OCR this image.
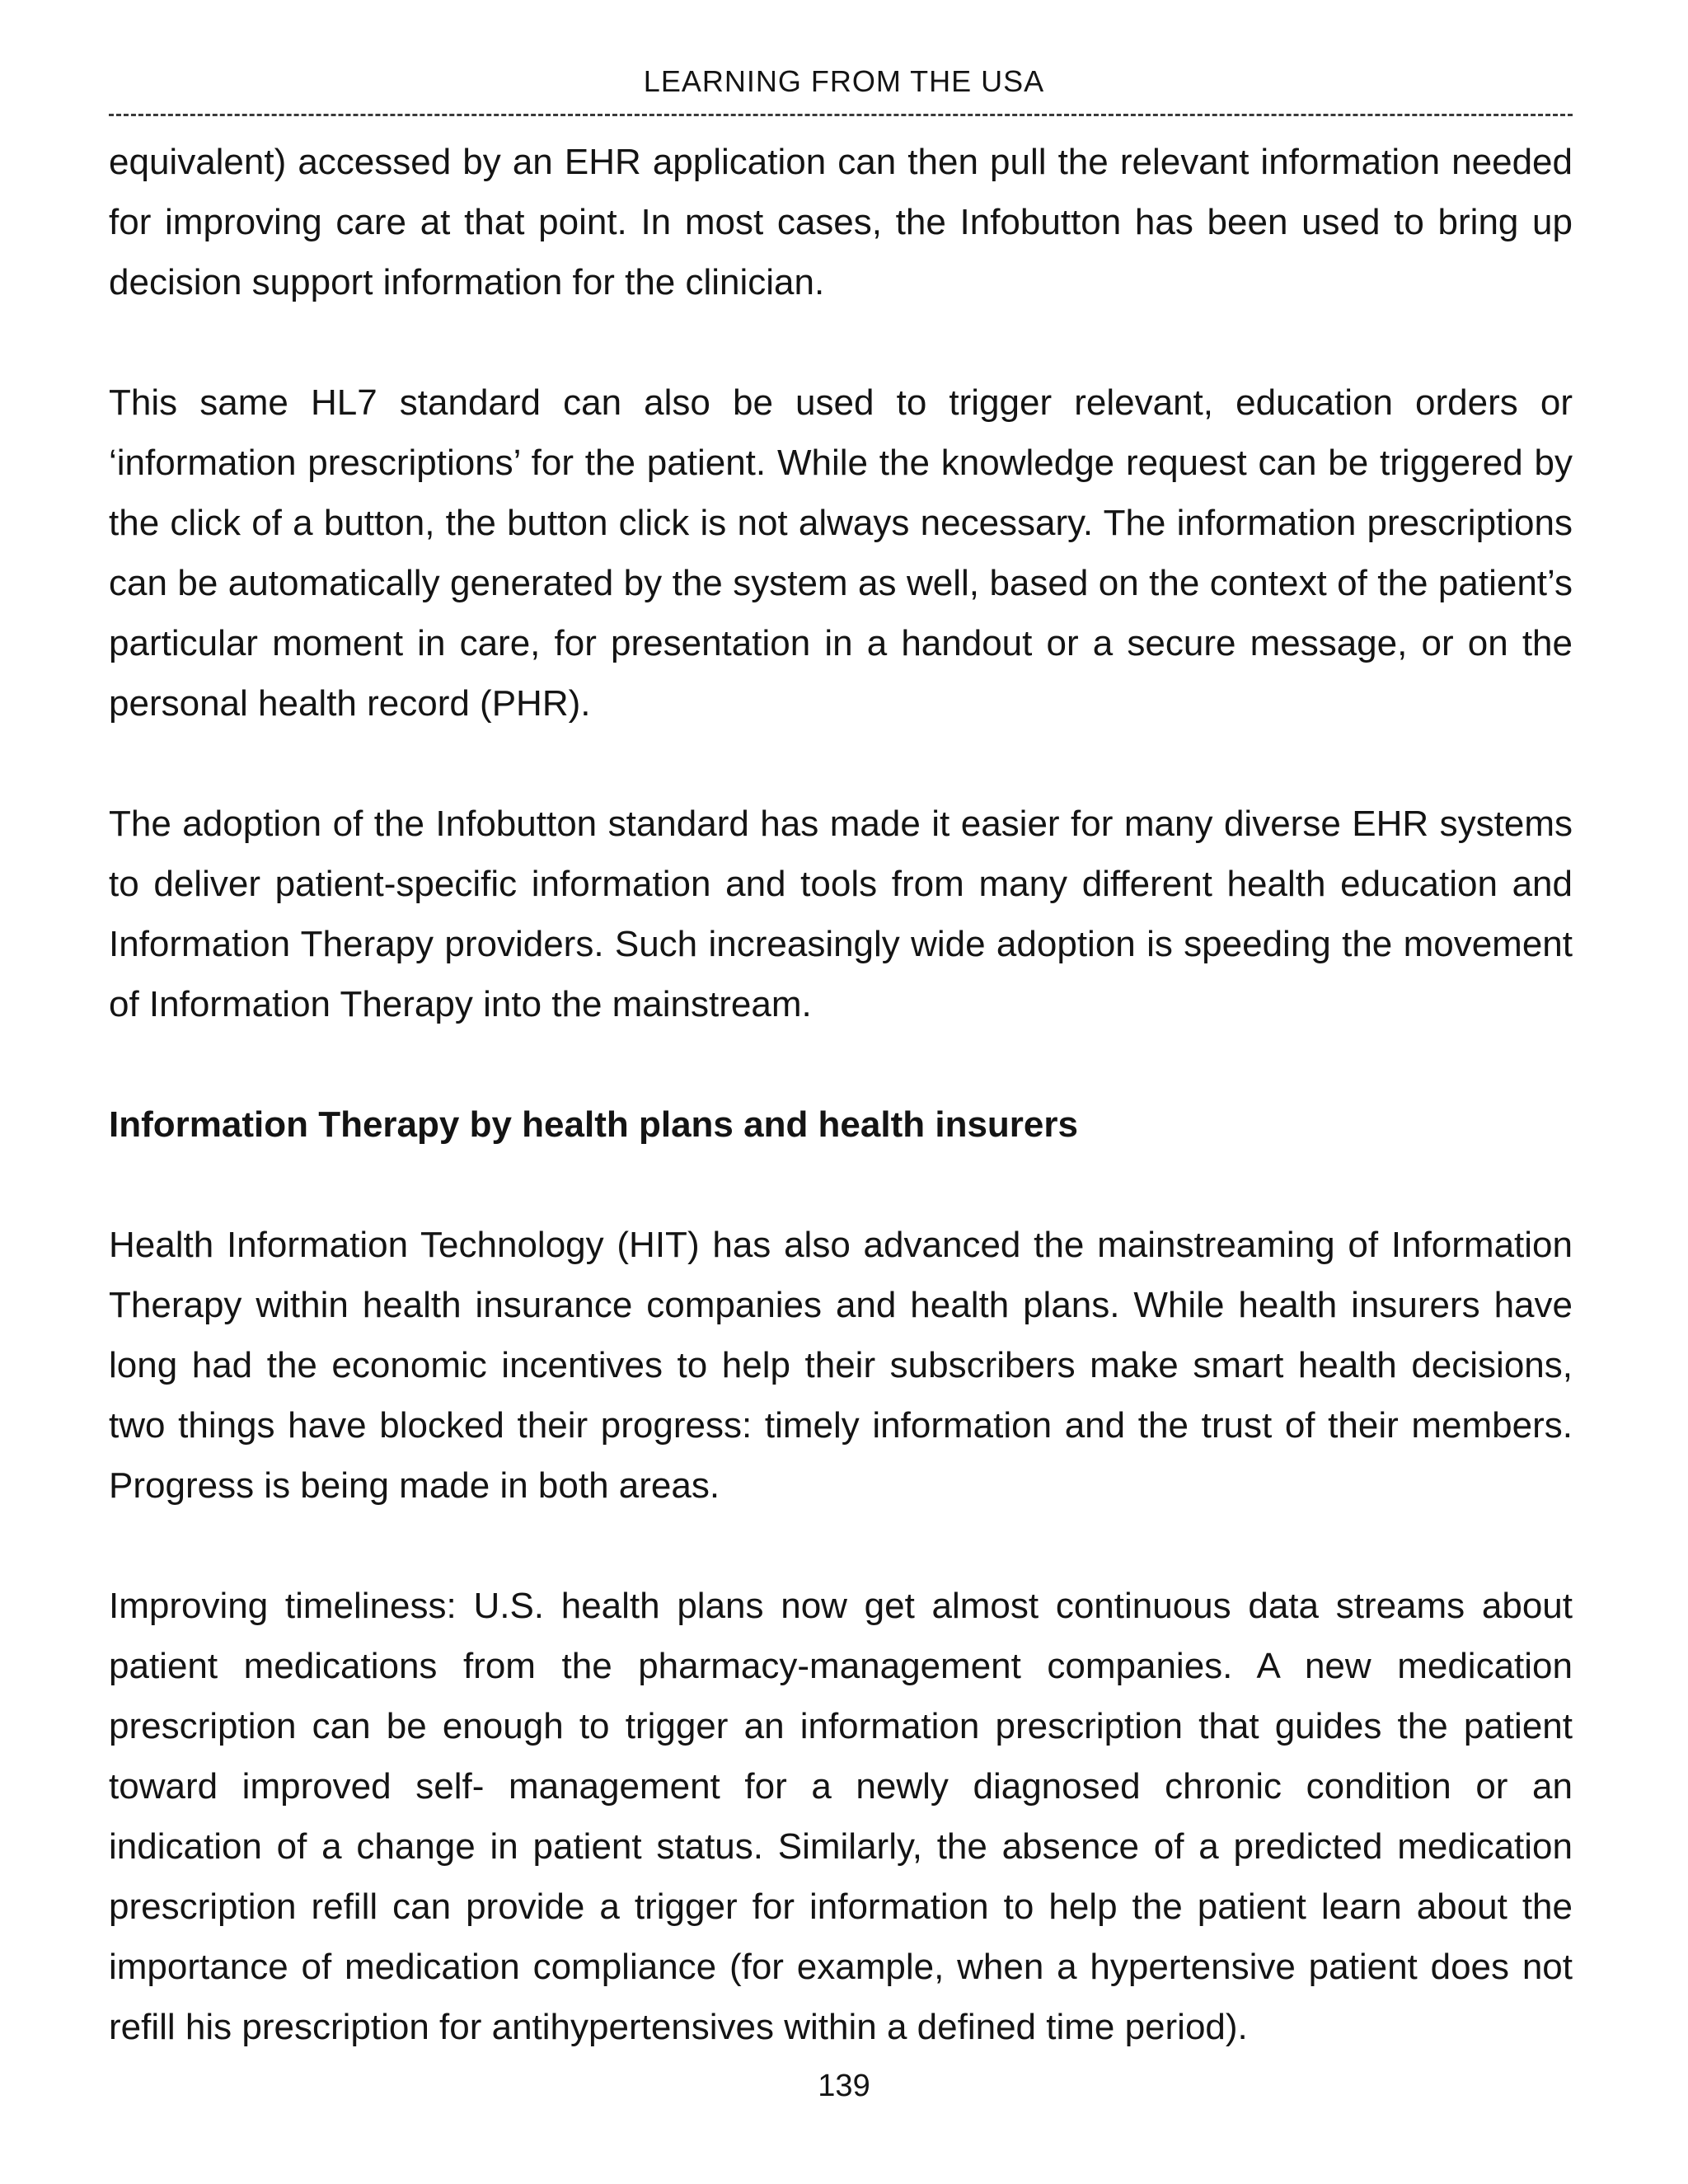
LEARNING FROM THE USA

equivalent) accessed by an EHR application can then pull the relevant information needed for improving care at that point. In most cases, the Infobutton has been used to bring up decision support information for the clinician.

This same HL7 standard can also be used to trigger relevant, education orders or ‘information prescriptions’ for the patient. While the knowledge request can be triggered by the click of a button, the button click is not always necessary. The information prescriptions can be automatically generated by the system as well, based on the context of the patient’s particular moment in care, for presentation in a handout or a secure message, or on the personal health record (PHR).

The adoption of the Infobutton standard has made it easier for many diverse EHR systems to deliver patient-specific information and tools from many different health education and Information Therapy providers. Such increasingly wide adoption is speeding the movement of Information Therapy into the mainstream.

Information Therapy by health plans and health insurers

Health Information Technology (HIT) has also advanced the mainstreaming of Information Therapy within health insurance companies and health plans. While health insurers have long had the economic incentives to help their subscribers make smart health decisions, two things have blocked their progress: timely information and the trust of their members. Progress is being made in both areas.

Improving timeliness: U.S. health plans now get almost continuous data streams about patient medications from the pharmacy-management companies. A new medication prescription can be enough to trigger an information prescription that guides the patient toward improved self- management for a newly diagnosed chronic condition or an indication of a change in patient status. Similarly, the absence of a predicted medication prescription refill can provide a trigger for information to help the patient learn about the importance of medication compliance (for example, when a hypertensive patient does not refill his prescription for antihypertensives within a defined time period).

139
